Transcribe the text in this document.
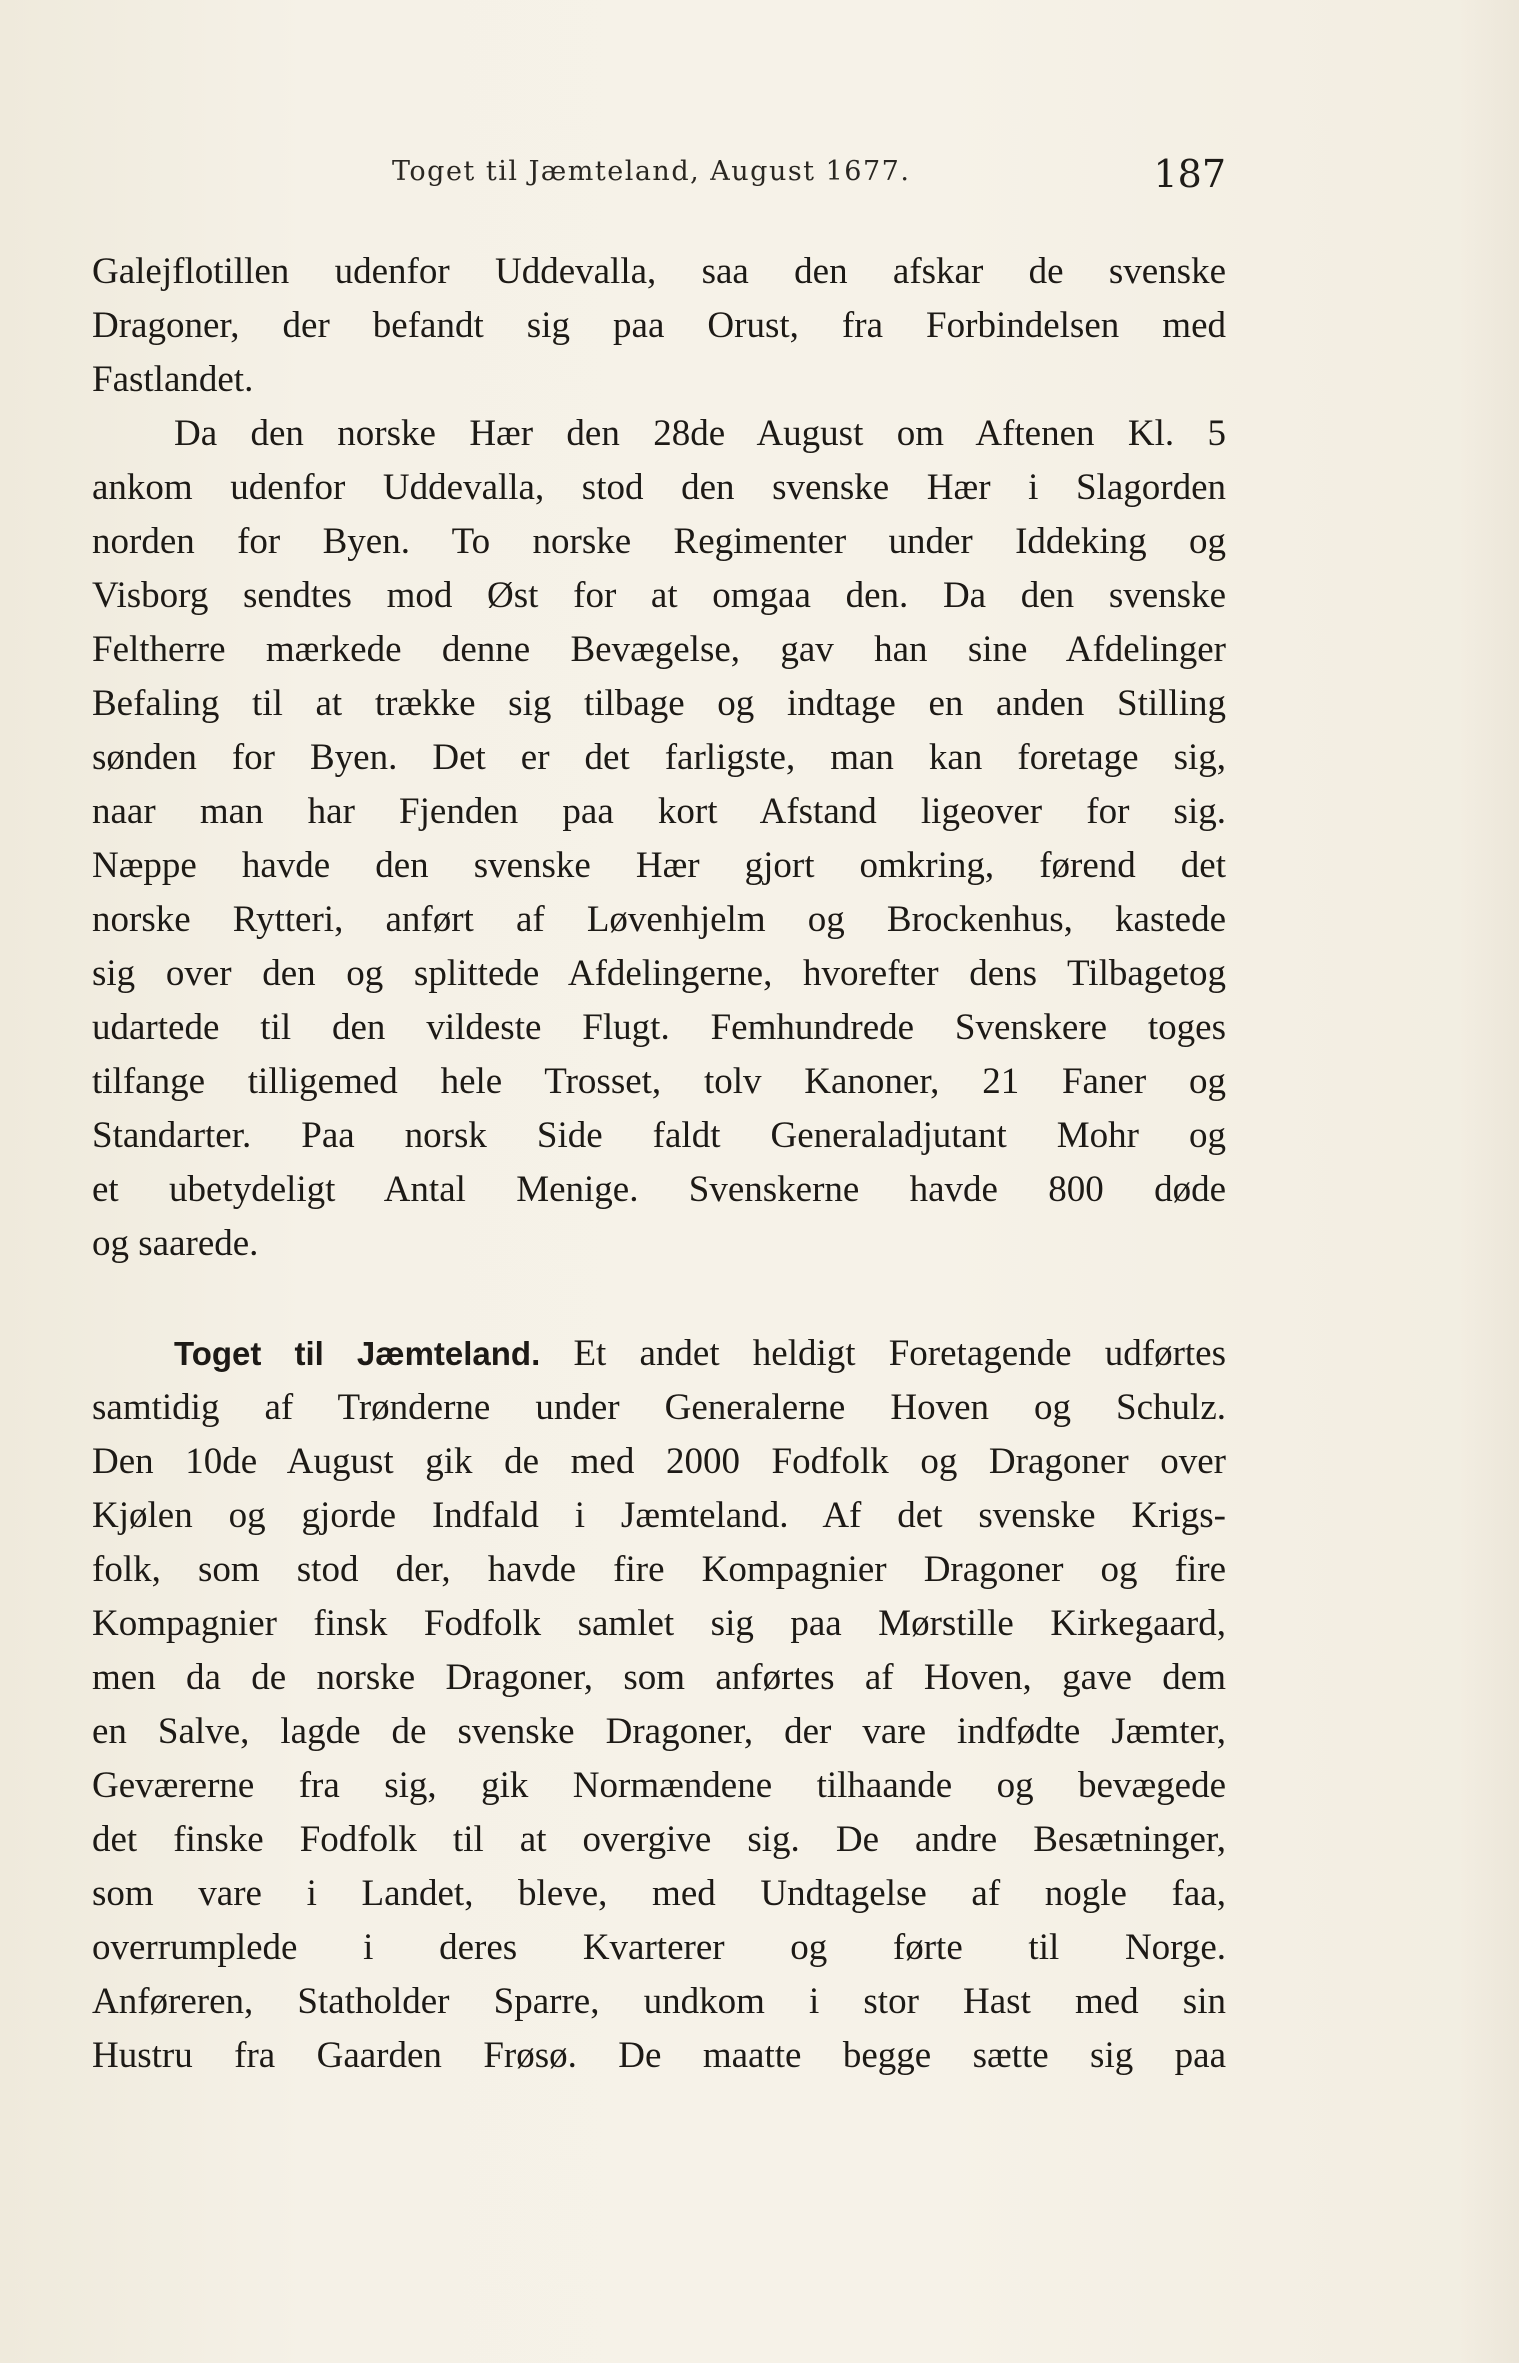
Toget til Jæmteland, August 1677.	187
Galejflotillen udenfor Uddevalla, saa den afskar de svenske
Dragoner, der befandt sig paa Orust, fra Forbindelsen med
Fastlandet.
Da den norske Hær den 28de August om Aftenen Kl. 5
ankom udenfor Uddevalla, stod den svenske Hær i Slagorden
norden for Byen. To norske Regimenter under Iddeking og
Visborg sendtes mod Øst for at omgaa den. Da den svenske
Feltherre mærkede denne Bevægelse, gav han sine Afdelinger
Befaling til at trække sig tilbage og indtage en anden Stilling
sønden for Byen. Det er det farligste, man kan foretage sig,
naar man har Fjenden paa kort Afstand ligeover for sig.
Næppe havde den svenske Hær gjort omkring, førend det
norske Rytteri, anført af Løvenhjelm og Brockenhus, kastede
sig over den og splittede Afdelingerne, hvorefter dens Tilbagetog
udartede til den vildeste Flugt. Femhundrede Svenskere toges
tilfange tilligemed hele Trosset, tolv Kanoner, 21 Faner og
Standarter. Paa norsk Side faldt Generaladjutant Mohr og
et ubetydeligt Antal Menige. Svenskerne havde 800 døde
og saarede.
Toget til Jæmteland. Et andet heldigt Foretagende udførtes
samtidig af Trønderne under Generalerne Hoven og Schulz.
Den 10de August gik de med 2000 Fodfolk og Dragoner over
Kjølen og gjorde Indfald i Jæmteland. Af det svenske Krigs-
folk, som stod der, havde fire Kompagnier Dragoner og fire
Kompagnier finsk Fodfolk samlet sig paa Mørstille Kirkegaard,
men da de norske Dragoner, som anførtes af Hoven, gave dem
en Salve, lagde de svenske Dragoner, der vare indfødte Jæmter,
Geværerne fra sig, gik Normændene tilhaande og bevægede
det finske Fodfolk til at overgive sig. De andre Besætninger,
som vare i Landet, bleve, med Undtagelse af nogle faa,
overrumplede i deres Kvarterer og førte til Norge.
Anføreren, Statholder Sparre, undkom i stor Hast med sin
Hustru fra Gaarden Frøsø. De maatte begge sætte sig paa
